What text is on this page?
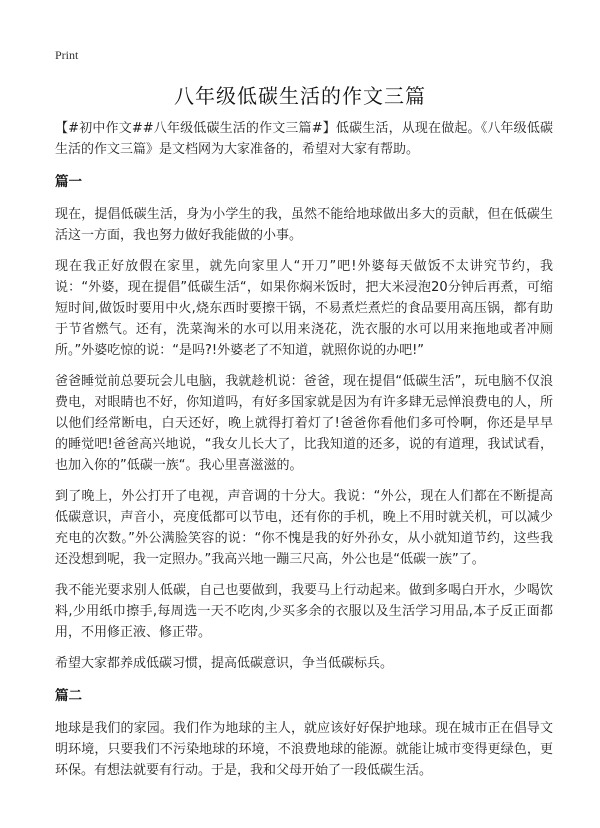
Print
八年级低碳生活的作文三篇

【#初中作文##八年级低碳生活的作文三篇#】低碳生活，从现在做起。《八年级低碳生活的作文三篇》是文档网为大家准备的，希望对大家有帮助。

篇一

现在，提倡低碳生活，身为小学生的我，虽然不能给地球做出多大的贡献，但在低碳生活这一方面，我也努力做好我能做的小事。

现在我正好放假在家里，就先向家里人“开刀”吧!外婆每天做饭不太讲究节约，我说：“外婆，现在提倡”低碳生活“，如果你焖米饭时，把大米浸泡20分钟后再煮，可缩短时间,做饭时要用中火,烧东西时要擦干锅，不易煮烂煮烂的食品要用高压锅，都有助于节省燃气。还有，洗菜淘米的水可以用来浇花，洗衣服的水可以用来拖地或者冲厕所。”外婆吃惊的说：“是吗?!外婆老了不知道，就照你说的办吧!”

爸爸睡觉前总要玩会儿电脑，我就趁机说：爸爸，现在提倡“低碳生活”，玩电脑不仅浪费电，对眼睛也不好，你知道吗，有好多国家就是因为有许多肆无忌惮浪费电的人，所以他们经常断电，白天还好，晚上就得打着灯了!爸爸你看他们多可怜啊，你还是早早的睡觉吧!爸爸高兴地说，“我女儿长大了，比我知道的还多，说的有道理，我试试看，也加入你的”低碳一族“。我心里喜滋滋的。

到了晚上，外公打开了电视，声音调的十分大。我说：“外公，现在人们都在不断提高低碳意识，声音小，亮度低都可以节电，还有你的手机，晚上不用时就关机，可以减少充电的次数。”外公满脸笑容的说：“你不愧是我的好外孙女，从小就知道节约，这些我还没想到呢，我一定照办。”我高兴地一蹦三尺高，外公也是“低碳一族”了。

我不能光要求别人低碳，自己也要做到，我要马上行动起来。做到多喝白开水，少喝饮料,少用纸巾擦手,每周选一天不吃肉,少买多余的衣服以及生活学习用品,本子反正面都用，不用修正液、修正带。

希望大家都养成低碳习惯，提高低碳意识，争当低碳标兵。

篇二

地球是我们的家园。我们作为地球的主人，就应该好好保护地球。现在城市正在倡导文明环境，只要我们不污染地球的环境，不浪费地球的能源。就能让城市变得更绿色，更环保。有想法就要有行动。于是，我和父母开始了一段低碳生活。
